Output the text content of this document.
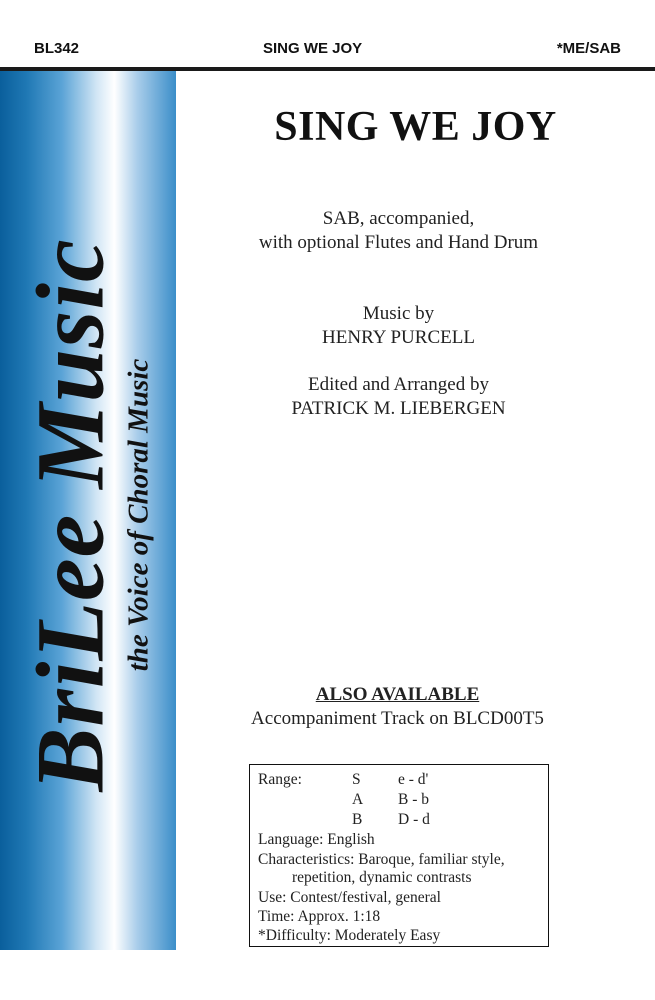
BL342	SING WE JOY	*ME/SAB
BriLee Music the Voice of Choral Music
SING WE JOY
SAB, accompanied,
with optional Flutes and Hand Drum
Music by
HENRY PURCELL
Edited and Arranged by
PATRICK M. LIEBERGEN
ALSO AVAILABLE
Accompaniment Track on BLCD00T5
Range:	S e - d'
A B - b
B D - d
Language: English
Characteristics: Baroque, familiar style,
repetition, dynamic contrasts
Use: Contest/festival, general
Time: Approx. 1:18
*Difficulty: Moderately Easy
